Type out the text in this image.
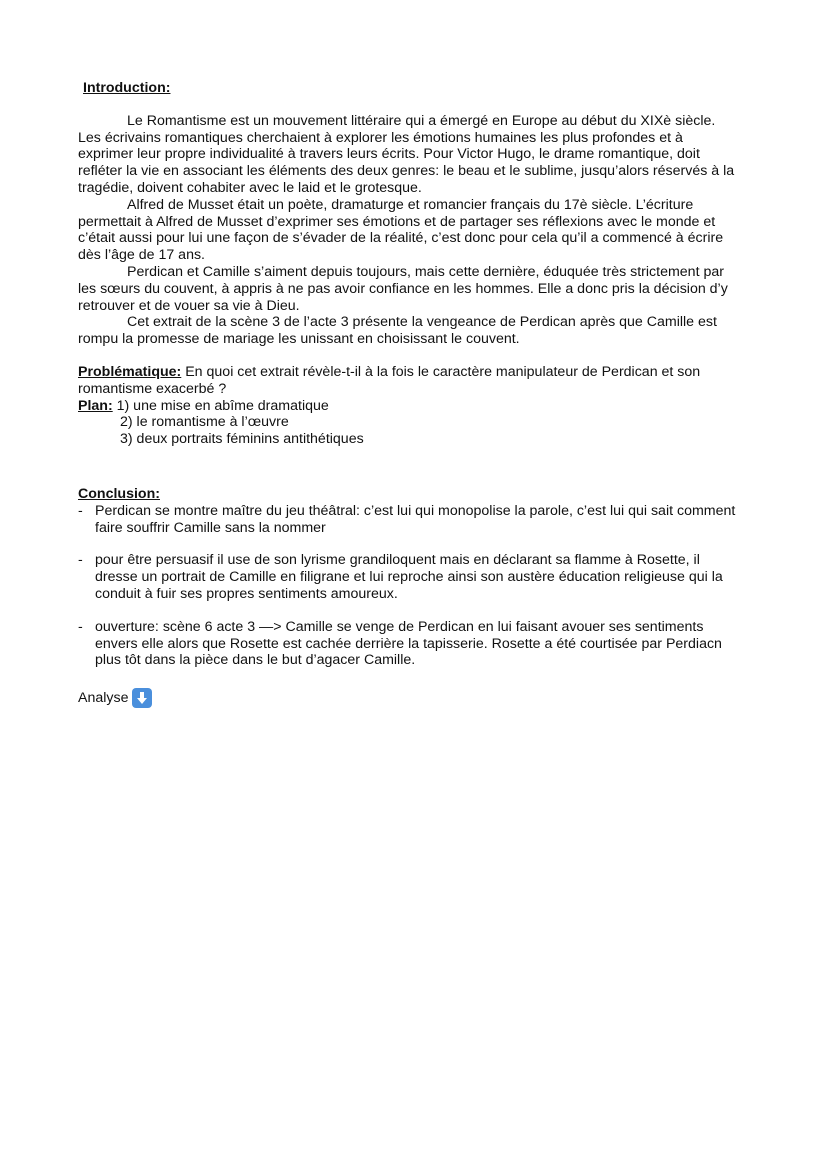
Introduction:

Le Romantisme est un mouvement littéraire qui a émergé en Europe au début du XIXè siècle. Les écrivains romantiques cherchaient à explorer les émotions humaines les plus profondes et à exprimer leur propre individualité à travers leurs écrits. Pour Victor Hugo, le drame romantique, doit refléter la vie en associant les éléments des deux genres: le beau et le sublime, jusqu’alors réservés à la tragédie, doivent cohabiter avec le laid et le grotesque.

Alfred de Musset était un poète, dramaturge et romancier français du 17è siècle. L’écriture permettait à Alfred de Musset d’exprimer ses émotions et de partager ses réflexions avec le monde et c’était aussi pour lui une façon de s’évader de la réalité, c’est donc pour cela qu’il a commencé à écrire dès l’âge de 17 ans.

Perdican et Camille s’aiment depuis toujours, mais cette dernière, éduquée très strictement par les sœurs du couvent, à appris à ne pas avoir confiance en les hommes. Elle a donc pris la décision d’y retrouver et de vouer sa vie à Dieu.

Cet extrait de la scène 3 de l’acte 3 présente la vengeance de Perdican après que Camille est rompu la promesse de mariage les unissant en choisissant le couvent.

Problématique: En quoi cet extrait révèle-t-il à la fois le caractère manipulateur de Perdican et son romantisme exacerbé ?
Plan: 1) une mise en abîme dramatique
2) le romantisme à l’œuvre
3) deux portraits féminins antithétiques
Conclusion:
- Perdican se montre maître du jeu théâtral: c’est lui qui monopolise la parole, c’est lui qui sait comment faire souffrir Camille sans la nommer
- pour être persuasif il use de son lyrisme grandiloquent mais en déclarant sa flamme à Rosette, il dresse un portrait de Camille en filigrane et lui reproche ainsi son austère éducation religieuse qui la conduit à fuir ses propres sentiments amoureux.
- ouverture: scène 6 acte 3 —> Camille se venge de Perdican en lui faisant avouer ses sentiments envers elle alors que Rosette est cachée derrière la tapisserie. Rosette a été courtisée par Perdiacn plus tôt dans la pièce dans le but d’agacer Camille.
Analyse
